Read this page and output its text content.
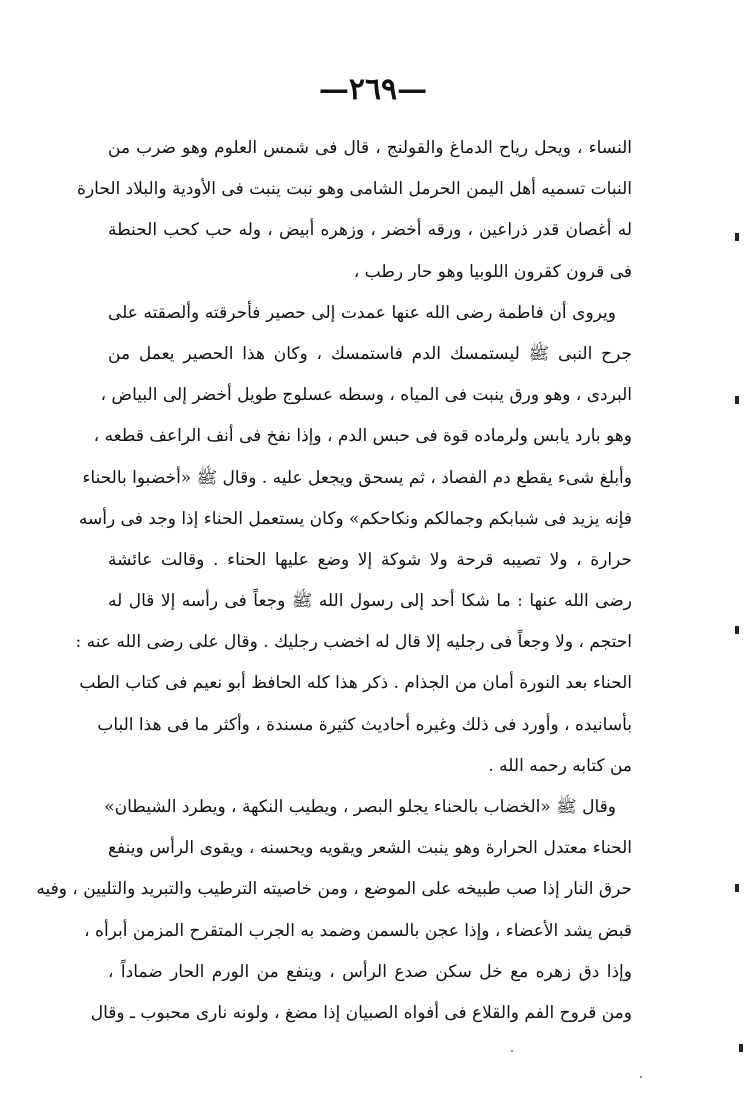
—٢٦٩—
النساء ، ويحل رياح الدماغ والقولنج ، قال فى شمس العلوم وهو ضرب من
النبات تسميه أهل اليمن الحرمل الشامى وهو نبت ينبت فى الأودية والبلاد الحارة
له أغصان قدر ذراعين ، ورقه أخضر ، وزهره أبيض ، وله حب كحب الحنطة
فى قرون كقرون اللوبيا وهو حار رطب ،
ويروى أن فاطمة رضى الله عنها عمدت إلى حصير فأحرقته وألصقته على
جرح النبى ﷺ ليستمسك الدم فاستمسك ، وكان هذا الحصير يعمل من
البردى ، وهو ورق ينبت فى المياه ، وسطه عسلوج طويل أخضر إلى البياض ،
وهو بارد يابس ولرماده قوة فى حبس الدم ، وإذا نفخ فى أنف الراعف قطعه ،
وأبلغ شىء يقطع دم الفصاد ، ثم يسحق ويجعل عليه . وقال ﷺ «أخضبوا بالحناء
فإنه يزيد فى شبابكم وجمالكم ونكاحكم» وكان يستعمل الحناء إذا وجد فى رأسه
حرارة ، ولا تصيبه قرحة ولا شوكة إلا وضع عليها الحناء . وقالت عائشة
رضى الله عنها : ما شكا أحد إلى رسول الله ﷺ وجعاً فى رأسه إلا قال له
احتجم ، ولا وجعاً فى رجليه إلا قال له اخضب رجليك . وقال على رضى الله عنه :
الحناء بعد النورة أمان من الجذام . ذكر هذا كله الحافظ أبو نعيم فى كتاب الطب
بأسانيده ، وأورد فى ذلك وغيره أحاديث كثيرة مسندة ، وأكثر ما فى هذا الباب
من كتابه رحمه الله .
وقال ﷺ «الخضاب بالحناء يجلو البصر ، ويطيب النكهة ، ويطرد الشيطان»
الحناء معتدل الحرارة وهو ينبت الشعر ويقويه ويحسنه ، ويقوى الرأس وينفع
حرق النار إذا صب طبيخه على الموضع ، ومن خاصيته الترطيب والتبريد والتليين ، وفيه
قبض يشد الأعضاء ، وإذا عجن بالسمن وضمد به الجرب المتقرح المزمن أبرأه ،
وإذا دق زهره مع خل سكن صدع الرأس ، وينفع من الورم الحار ضماداً ،
ومن قروح الفم والقلاع فى أفواه الصبيان إذا مضغ ، ولونه نارى محبوب ـ وقال
